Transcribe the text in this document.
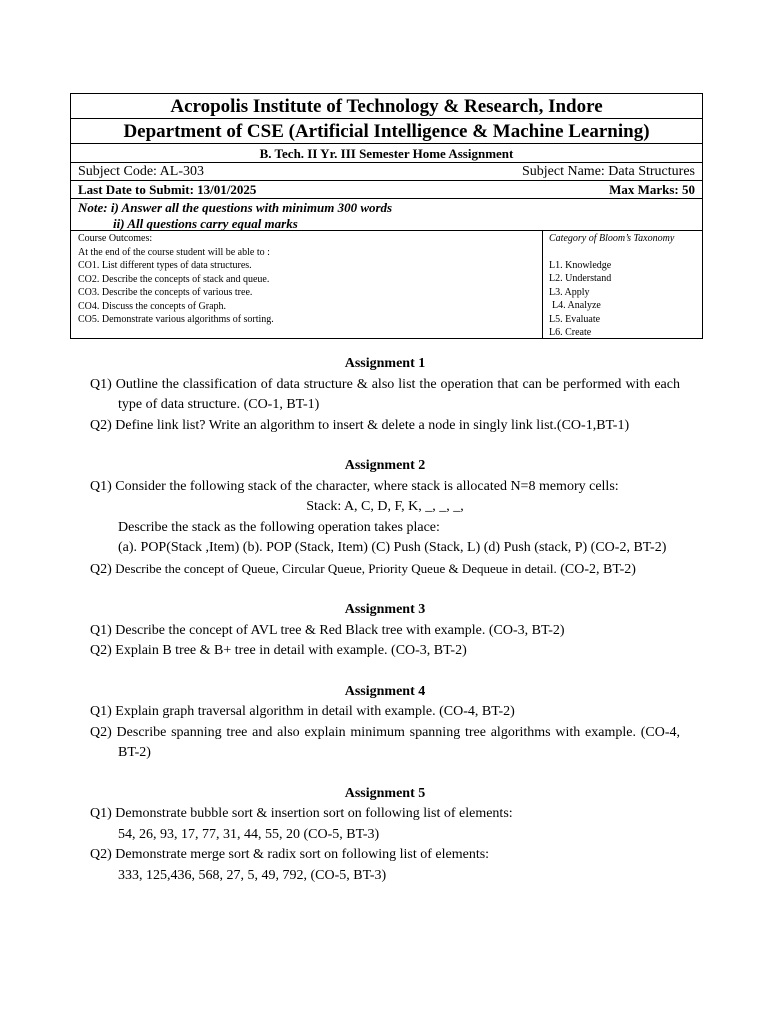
Acropolis Institute of Technology & Research, Indore
Department of CSE (Artificial Intelligence & Machine Learning)
B. Tech. II Yr. III Semester Home Assignment
Subject Code: AL-303	Subject Name: Data Structures
Last Date to Submit: 13/01/2025	Max Marks: 50
Note: i) Answer all the questions with minimum 300 words
ii) All questions carry equal marks
Course Outcomes:
At the end of the course student will be able to :
CO1. List different types of data structures.
CO2. Describe the concepts of stack and queue.
CO3. Describe the concepts of various tree.
CO4. Discuss the concepts of Graph.
CO5. Demonstrate various algorithms of sorting.
Category of Bloom’s Taxonomy
L1. Knowledge
L2. Understand
L3. Apply
L4. Analyze
L5. Evaluate
L6. Create
Assignment 1
Q1) Outline the classification of data structure & also list the operation that can be performed with each type of data structure. (CO-1, BT-1)
Q2) Define link list? Write an algorithm to insert & delete a node in singly link list.(CO-1,BT-1)
Assignment 2
Q1) Consider the following stack of the character, where stack is allocated N=8 memory cells:
Stack: A, C, D, F, K, _, _, _,
Describe the stack as the following operation takes place:
(a). POP(Stack ,Item) (b). POP (Stack, Item) (C) Push (Stack, L) (d) Push (stack, P) (CO-2, BT-2)
Q2) Describe the concept of Queue, Circular Queue, Priority Queue & Dequeue in detail. (CO-2, BT-2)
Assignment 3
Q1) Describe the concept of AVL tree & Red Black tree with example. (CO-3, BT-2)
Q2) Explain B tree & B+ tree in detail with example. (CO-3, BT-2)
Assignment 4
Q1) Explain graph traversal algorithm in detail with example. (CO-4, BT-2)
Q2) Describe spanning tree and also explain minimum spanning tree algorithms with example. (CO-4, BT-2)
Assignment 5
Q1) Demonstrate bubble sort & insertion sort on following list of elements:
54, 26, 93, 17, 77, 31, 44, 55, 20 (CO-5, BT-3)
Q2) Demonstrate merge sort & radix sort on following list of elements:
333, 125,436, 568, 27, 5, 49, 792, (CO-5, BT-3)
